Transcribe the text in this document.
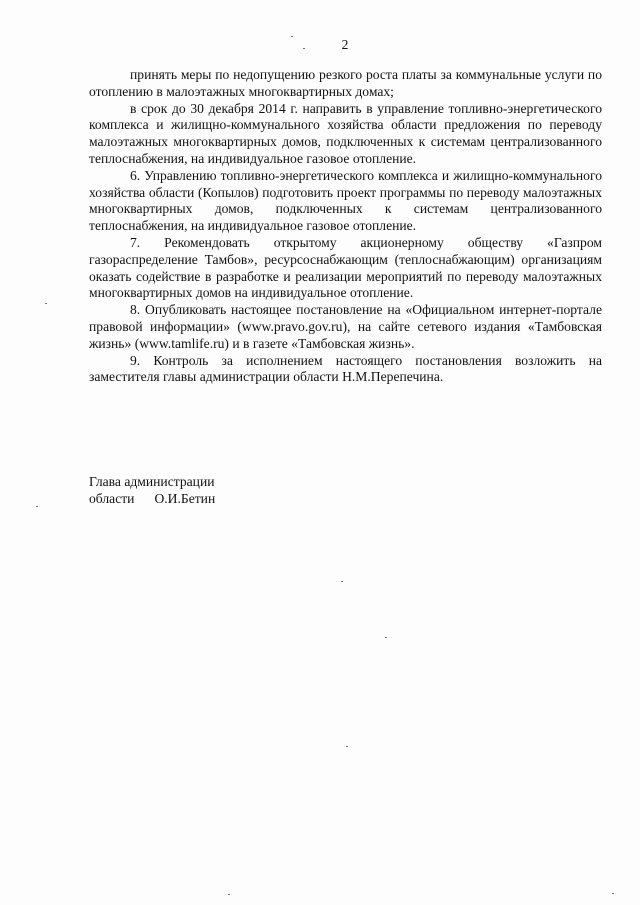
2

принять меры по недопущению резкого роста платы за коммунальные услуги по отоплению в малоэтажных многоквартирных домах;

в срок до 30 декабря 2014 г. направить в управление топливно-энергетического комплекса и жилищно-коммунального хозяйства области предложения по переводу малоэтажных многоквартирных домов, подключенных к системам централизованного теплоснабжения, на индивидуальное газовое отопление.

6. Управлению топливно-энергетического комплекса и жилищно-коммунального хозяйства области (Копылов) подготовить проект программы по переводу малоэтажных многоквартирных домов, подключенных к системам централизованного теплоснабжения, на индивидуальное газовое отопление.

7. Рекомендовать открытому акционерному обществу «Газпром газораспределение Тамбов», ресурсоснабжающим (теплоснабжающим) организациям оказать содействие в разработке и реализации мероприятий по переводу малоэтажных многоквартирных домов на индивидуальное отопление.

8. Опубликовать настоящее постановление на «Официальном интернет-портале правовой информации» (www.pravo.gov.ru), на сайте сетевого издания «Тамбовская жизнь» (www.tamlife.ru) и в газете «Тамбовская жизнь».

9. Контроль за исполнением настоящего постановления возложить на заместителя главы администрации области Н.М.Перепечина.

Глава администрации
области О.И.Бетин
